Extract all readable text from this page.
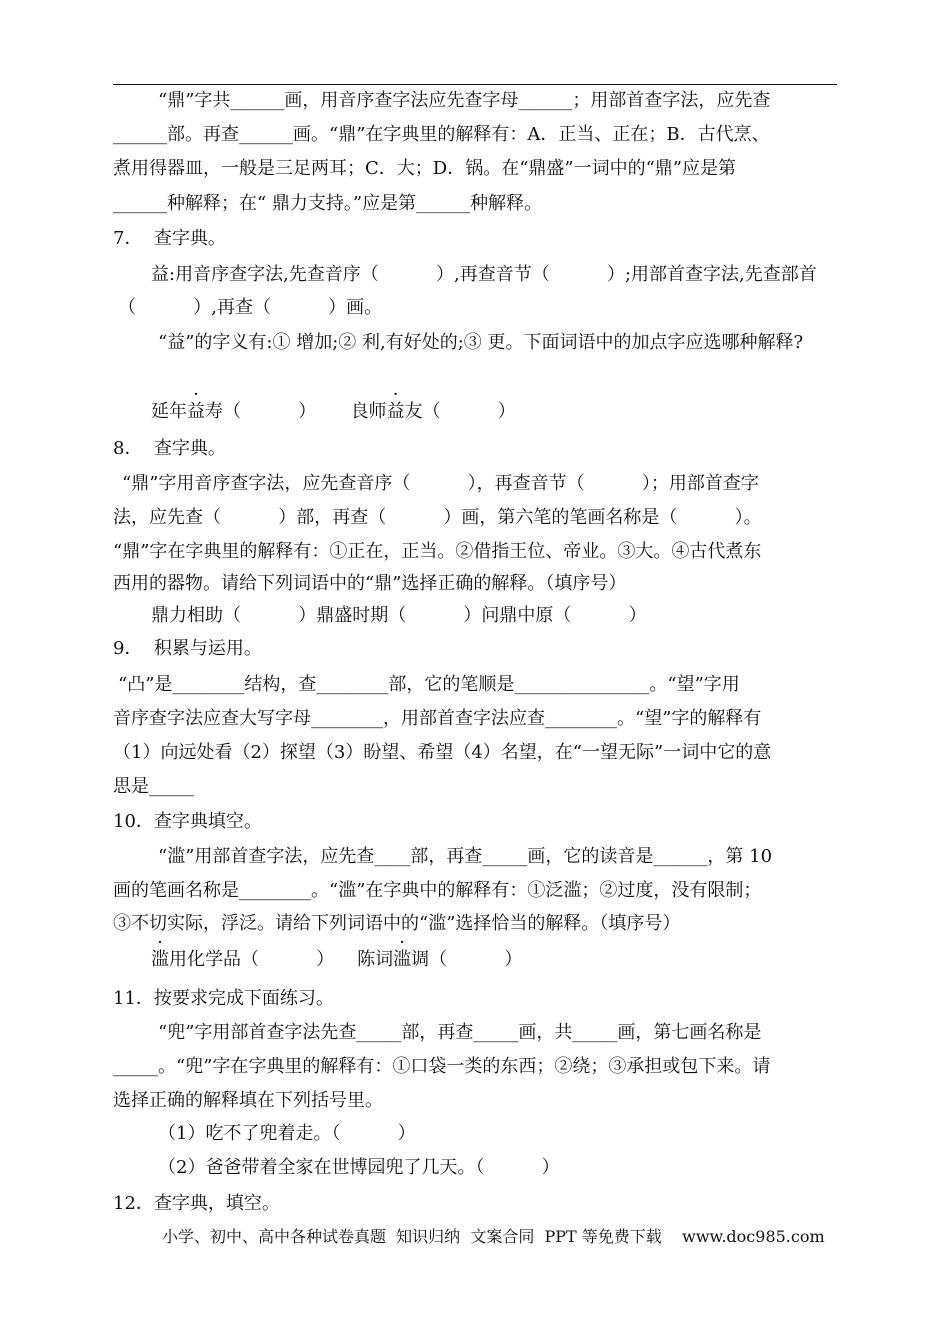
“鼎”字共______画，用音序查字法应先查字母______；用部首查字法，应先查
______部。再查______画。“鼎”在字典里的解释有：A．正当、正在；B．古代烹、
煮用得器皿，一般是三足两耳；C．大；D．锅。在“鼎盛”一词中的“鼎”应是第
______种解释；在“ 鼎力支持。”应是第______种解释。
7．  查字典。
益:用音序查字法,先查音序（          ）,再查音节（          ）;用部首查字法,先查部首
（          ）,再查（          ）画。
“益”的字义有:① 增加;② 利,有好处的;③ 更。下面词语中的加点字应选哪种解释?
延年益寿（          ） 良师益友（          ）
8．  查字典。
“鼎”字用音序查字法，应先查音序（          ），再查音节（          ）；用部首查字
法，应先查（          ）部，再查（          ）画，第六笔的笔画名称是（          ）。
“鼎”字在字典里的解释有：①正在，正当。②借指王位、帝业。③大。④古代煮东
西用的器物。请给下列词语中的“鼎”选择正确的解释。（填序号）
鼎力相助（          ）鼎盛时期（          ）问鼎中原（          ）
9．  积累与运用。
“凸”是________结构，查________部，它的笔顺是_______________。“望”字用
音序查字法应查大写字母________，用部首查字法应查________。“望”字的解释有
（1）向远处看（2）探望（3）盼望、希望（4）名望，在“一望无际”一词中它的意
思是_____
10．查字典填空。
“滥”用部首查字法，应先查____部，再查_____画，它的读音是______，第 10
画的笔画名称是________。“滥”在字典中的解释有：①泛滥；②过度，没有限制；
③不切实际，浮泛。请给下列词语中的“滥”选择恰当的解释。（填序号）
滥用化学品（          ） 陈词滥调（          ）
11．按要求完成下面练习。
“兜”字用部首查字法先查_____部，再查_____画，共_____画，第七画名称是
_____。“兜”字在字典里的解释有：①口袋一类的东西；②绕；③承担或包下来。请
选择正确的解释填在下列括号里。
（1）吃不了兜着走。（          ）
（2）爸爸带着全家在世博园兜了几天。（          ）
12．查字典，填空。
小学、初中、高中各种试卷真题  知识归纳  文案合同  PPT 等免费下载 www.doc985.com
